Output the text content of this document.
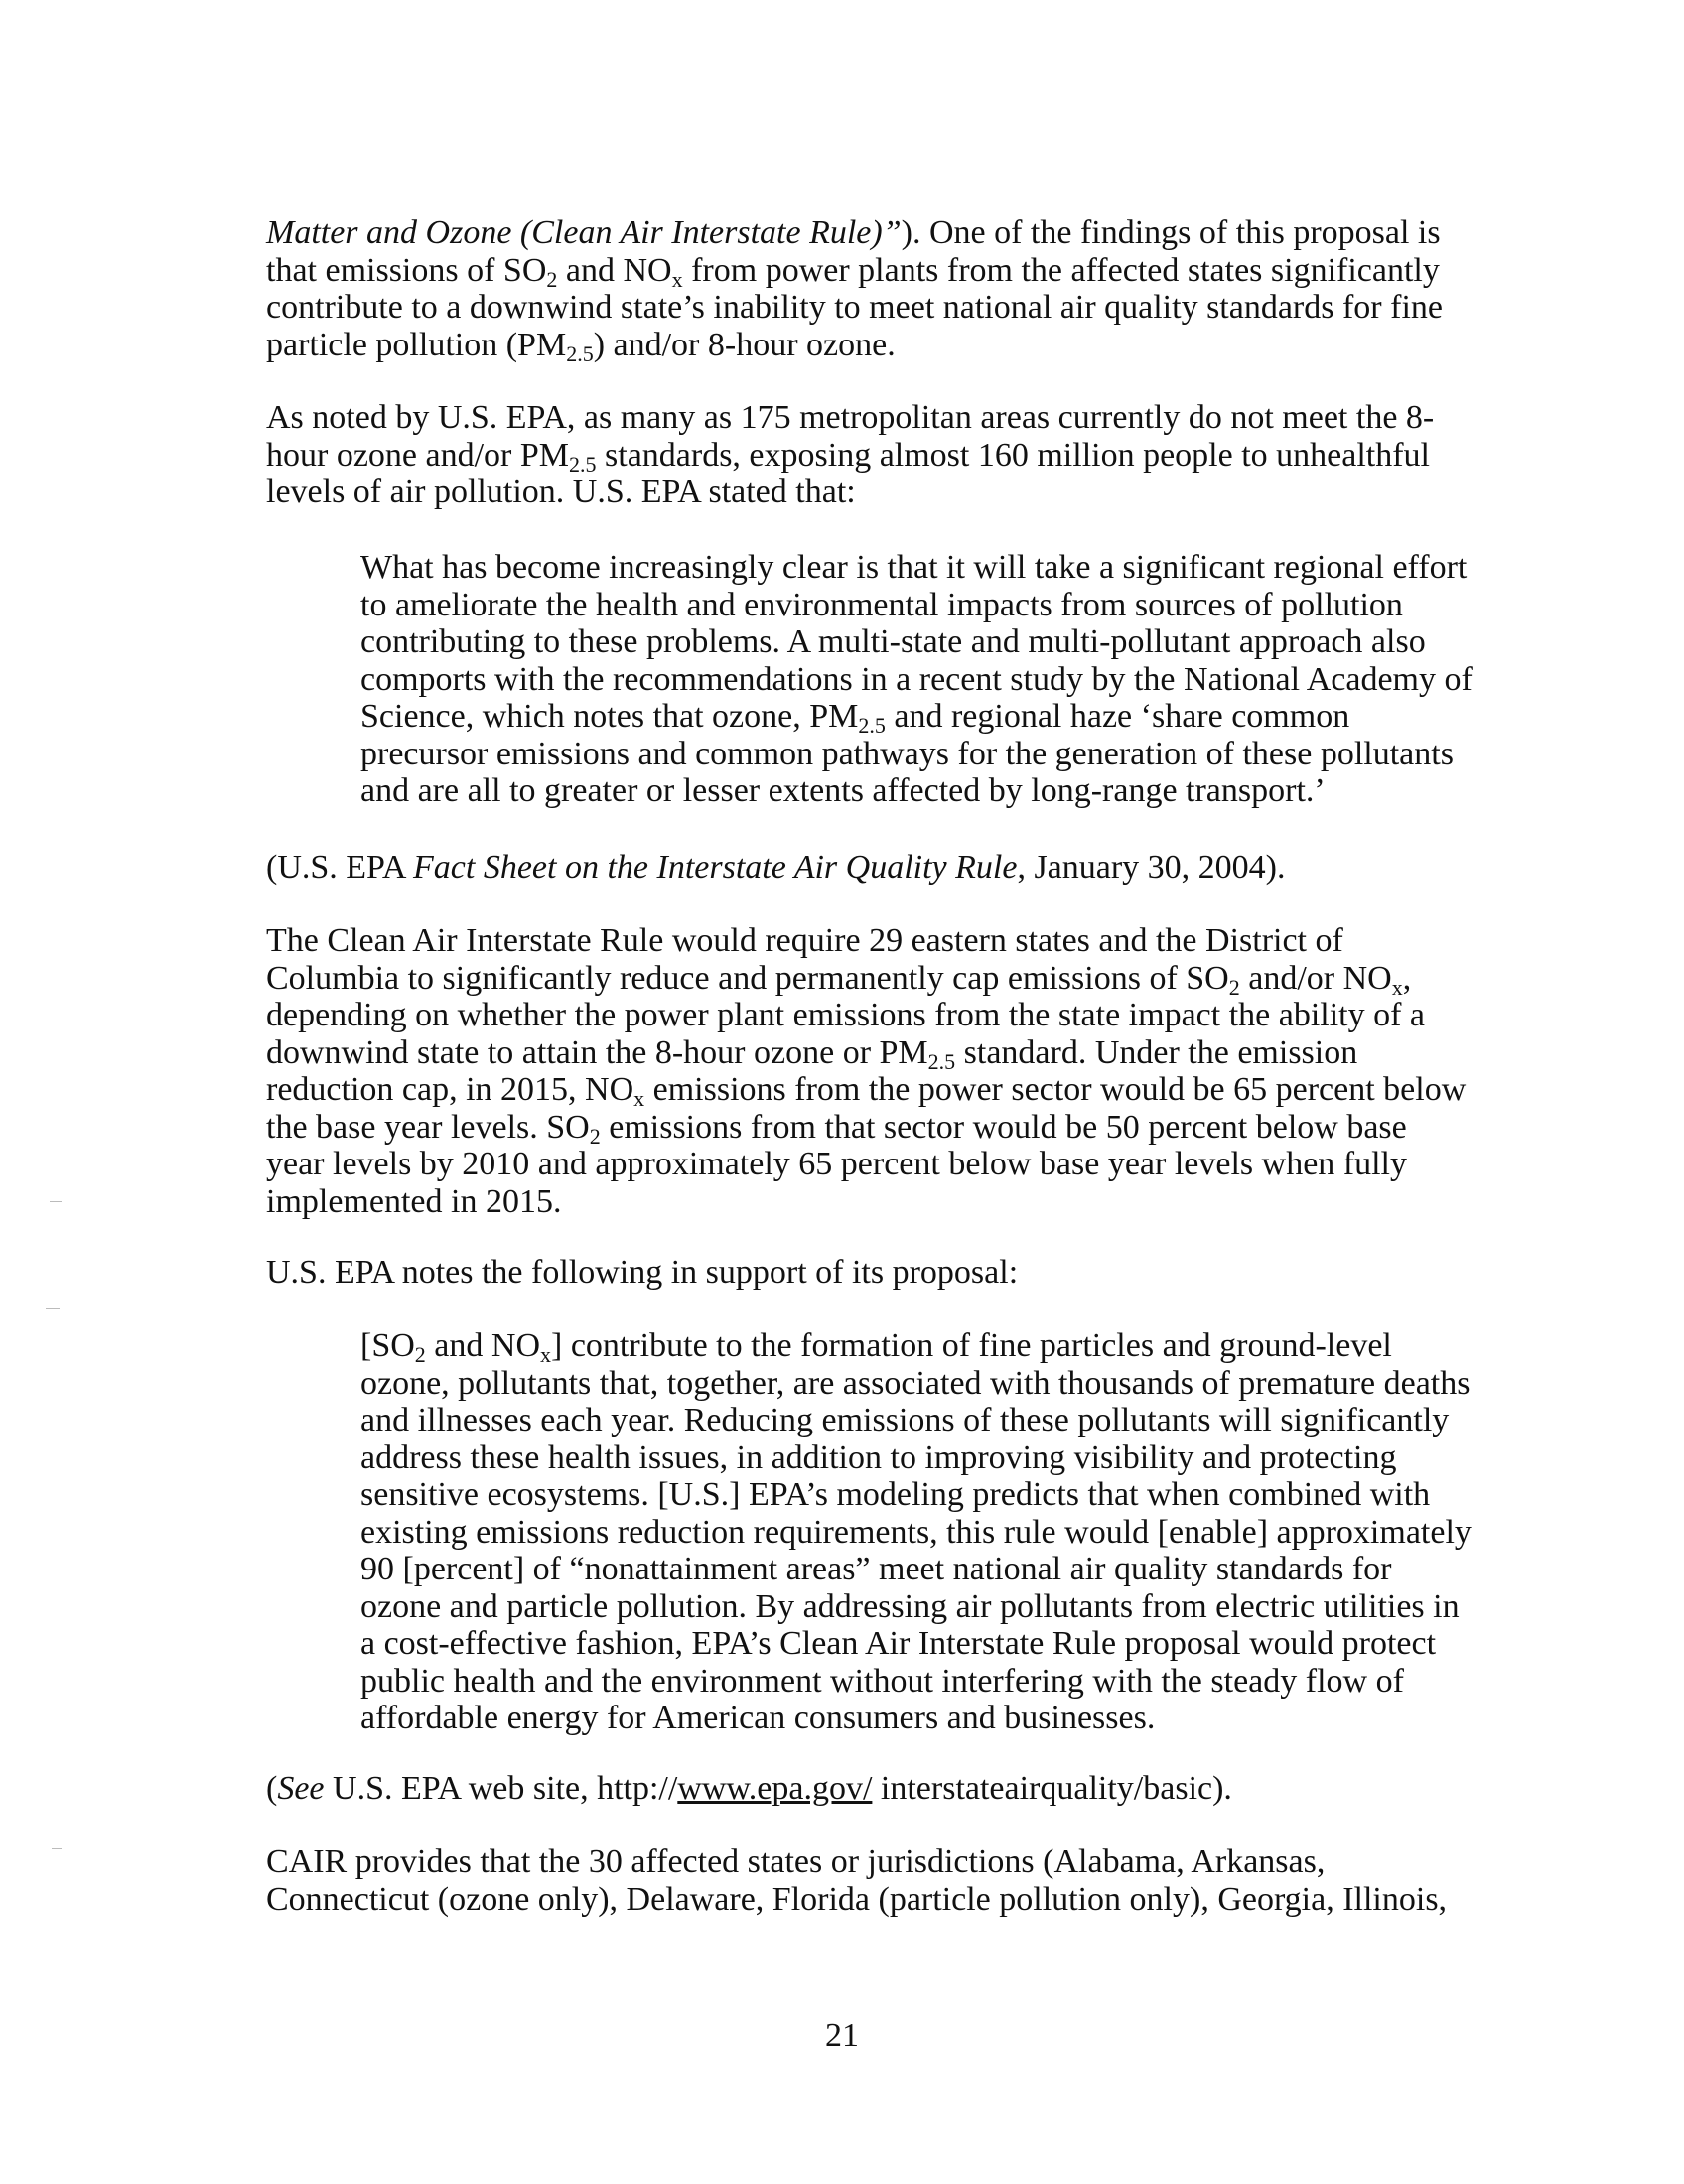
Matter and Ozone (Clean Air Interstate Rule)”). One of the findings of this proposal is
that emissions of $SO_2$ and $NO_x$ from power plants from the affected states significantly
contribute to a downwind state’s inability to meet national air quality standards for fine
particle pollution $(PM_{2.5})$ and/or 8-hour ozone.
As noted by U.S. EPA, as many as 175 metropolitan areas currently do not meet the 8-
hour ozone and/or $PM_{2.5}$ standards, exposing almost 160 million people to unhealthful
levels of air pollution. U.S. EPA stated that:
What has become increasingly clear is that it will take a significant regional effort
to ameliorate the health and environmental impacts from sources of pollution
contributing to these problems. A multi-state and multi-pollutant approach also
comports with the recommendations in a recent study by the National Academy of
Science, which notes that ozone, $PM_{2.5}$ and regional haze ‘share common
precursor emissions and common pathways for the generation of these pollutants
and are all to greater or lesser extents affected by long-range transport.’
(U.S. EPA Fact Sheet on the Interstate Air Quality Rule, January 30, 2004).
The Clean Air Interstate Rule would require 29 eastern states and the District of
Columbia to significantly reduce and permanently cap emissions of $SO_2$ and/or $NO_x$,
depending on whether the power plant emissions from the state impact the ability of a
downwind state to attain the 8-hour ozone or $PM_{2.5}$ standard. Under the emission
reduction cap, in 2015, $NO_x$ emissions from the power sector would be 65 percent below
the base year levels. $SO_2$ emissions from that sector would be 50 percent below base
year levels by 2010 and approximately 65 percent below base year levels when fully
implemented in 2015.
U.S. EPA notes the following in support of its proposal:
[$SO_2$ and $NO_x$] contribute to the formation of fine particles and ground-level
ozone, pollutants that, together, are associated with thousands of premature deaths
and illnesses each year. Reducing emissions of these pollutants will significantly
address these health issues, in addition to improving visibility and protecting
sensitive ecosystems. [U.S.] EPA’s modeling predicts that when combined with
existing emissions reduction requirements, this rule would [enable] approximately
90 [percent] of “nonattainment areas” meet national air quality standards for
ozone and particle pollution. By addressing air pollutants from electric utilities in
a cost-effective fashion, EPA’s Clean Air Interstate Rule proposal would protect
public health and the environment without interfering with the steady flow of
affordable energy for American consumers and businesses.
(See U.S. EPA web site, http://www.epa.gov/ interstateairquality/basic).
CAIR provides that the 30 affected states or jurisdictions (Alabama, Arkansas,
Connecticut (ozone only), Delaware, Florida (particle pollution only), Georgia, Illinois,
21
